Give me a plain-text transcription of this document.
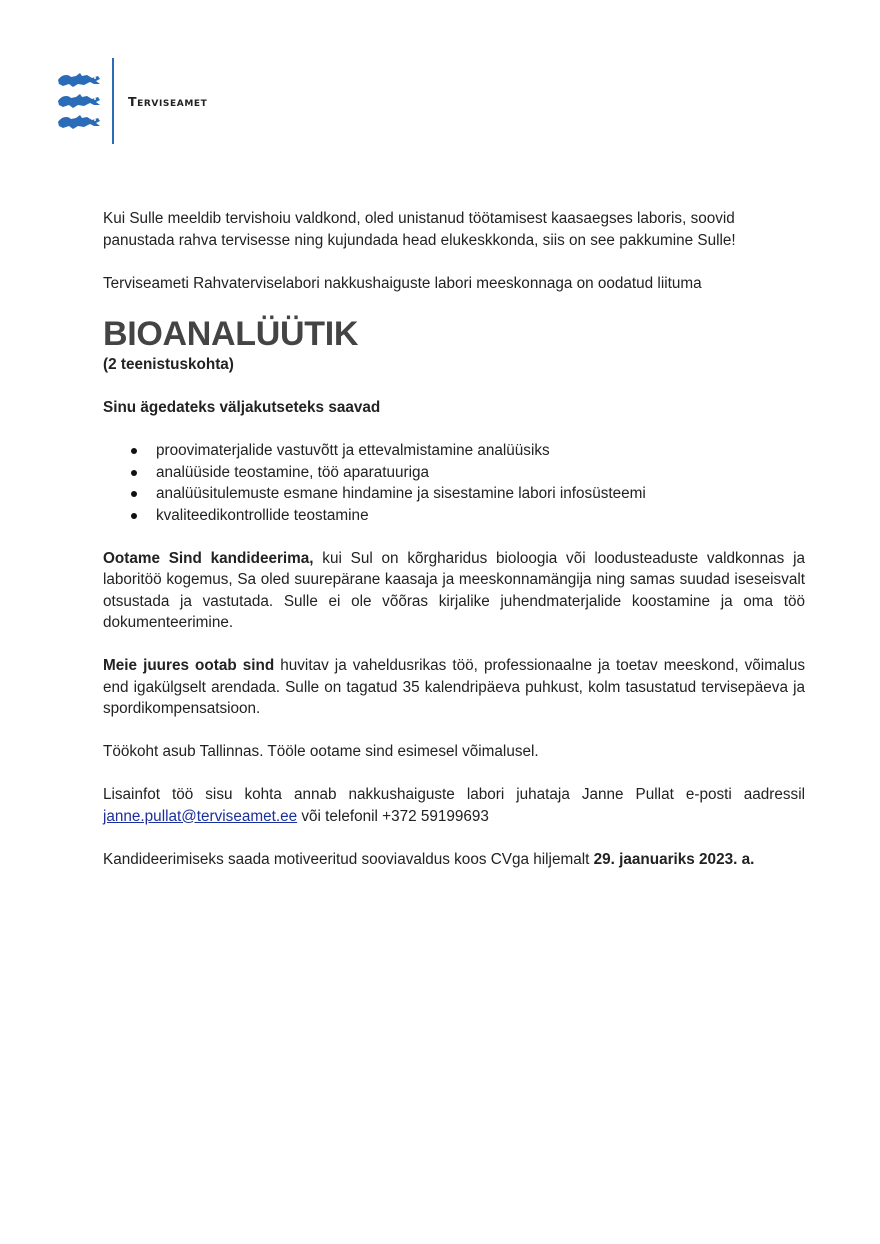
Terviseamet

Kui Sulle meeldib tervishoiu valdkond, oled unistanud töötamisest kaasaegses laboris, soovid panustada rahva tervisesse ning kujundada head elukeskkonda, siis on see pakkumine Sulle!

Terviseameti Rahvaterviselabori nakkushaiguste labori meeskonnaga on oodatud liituma

BIOANALÜÜTIK

(2 teenistuskohta)

Sinu ägedateks väljakutseteks saavad

proovimaterjalide vastuvõtt ja ettevalmistamine analüüsiks
analüüside teostamine, töö aparatuuriga
analüüsitulemuste esmane hindamine ja sisestamine labori infosüsteemi
kvaliteedikontrollide teostamine

Ootame Sind kandideerima, kui Sul on kõrgharidus bioloogia või loodusteaduste valdkonnas ja laboritöö kogemus, Sa oled suurepärane kaasaja ja meeskonnamängija ning samas suudad iseseisvalt otsustada ja vastutada. Sulle ei ole võõras kirjalike juhendmaterjalide koostamine ja oma töö dokumenteerimine.

Meie juures ootab sind huvitav ja vaheldusrikas töö, professionaalne ja toetav meeskond, võimalus end igakülgselt arendada. Sulle on tagatud 35 kalendripäeva puhkust, kolm tasustatud tervisepäeva ja spordikompensatsioon.

Töökoht asub Tallinnas. Tööle ootame sind esimesel võimalusel.

Lisainfot töö sisu kohta annab nakkushaiguste labori juhataja Janne Pullat e-posti aadressil janne.pullat@terviseamet.ee või telefonil +372 59199693

Kandideerimiseks saada motiveeritud sooviavaldus koos CVga hiljemalt 29. jaanuariks 2023. a.
